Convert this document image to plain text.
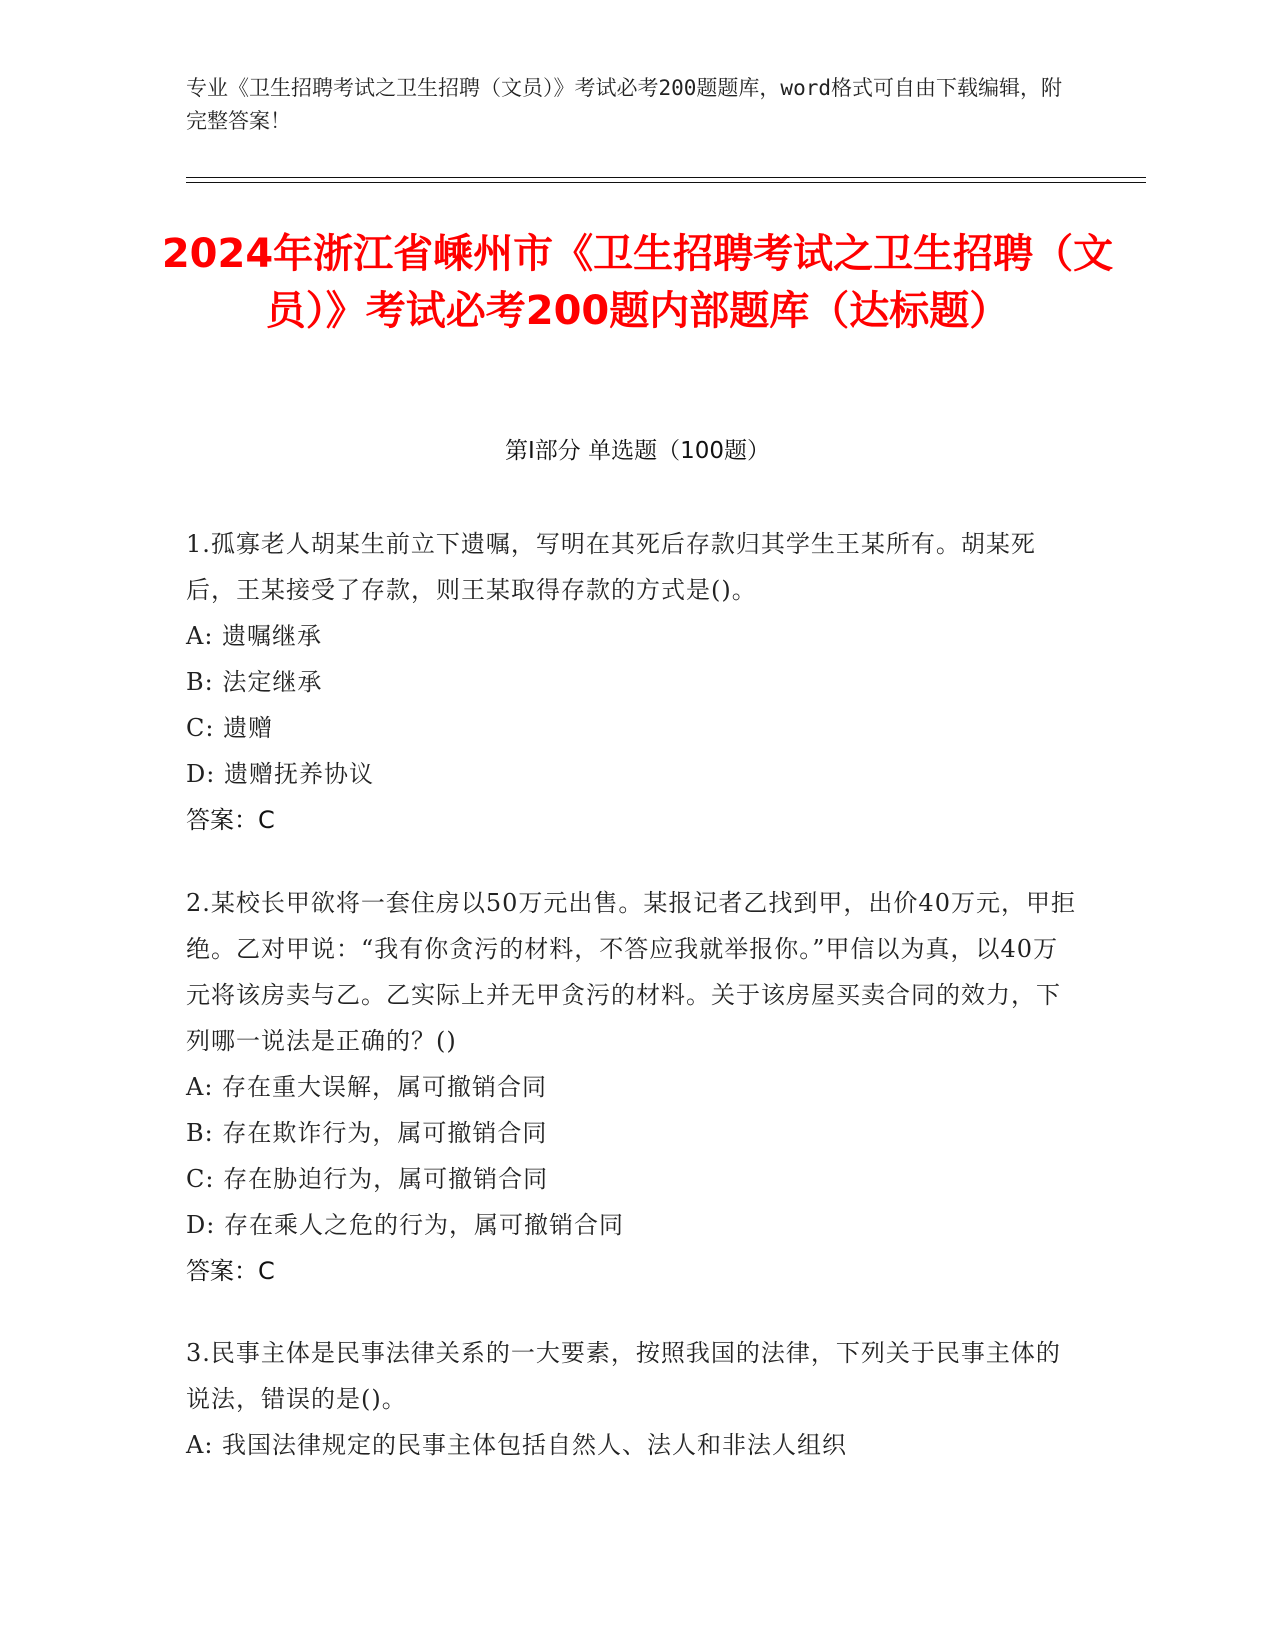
专业《卫生招聘考试之卫生招聘（文员）》考试必考200题题库，word格式可自由下载编辑，附完整答案！
2024年浙江省嵊州市《卫生招聘考试之卫生招聘（文员）》考试必考200题内部题库（达标题）
第Ⅰ部分 单选题（100题）
1.孤寡老人胡某生前立下遗嘱，写明在其死后存款归其学生王某所有。胡某死后，王某接受了存款，则王某取得存款的方式是()。
A: 遗嘱继承
B: 法定继承
C: 遗赠
D: 遗赠抚养协议
答案：C
2.某校长甲欲将一套住房以50万元出售。某报记者乙找到甲，出价40万元，甲拒绝。乙对甲说：“我有你贪污的材料，不答应我就举报你。”甲信以为真，以40万元将该房卖与乙。乙实际上并无甲贪污的材料。关于该房屋买卖合同的效力，下列哪一说法是正确的？()
A: 存在重大误解，属可撤销合同
B: 存在欺诈行为，属可撤销合同
C: 存在胁迫行为，属可撤销合同
D: 存在乘人之危的行为，属可撤销合同
答案：C
3.民事主体是民事法律关系的一大要素，按照我国的法律，下列关于民事主体的说法，错误的是()。
A: 我国法律规定的民事主体包括自然人、法人和非法人组织
